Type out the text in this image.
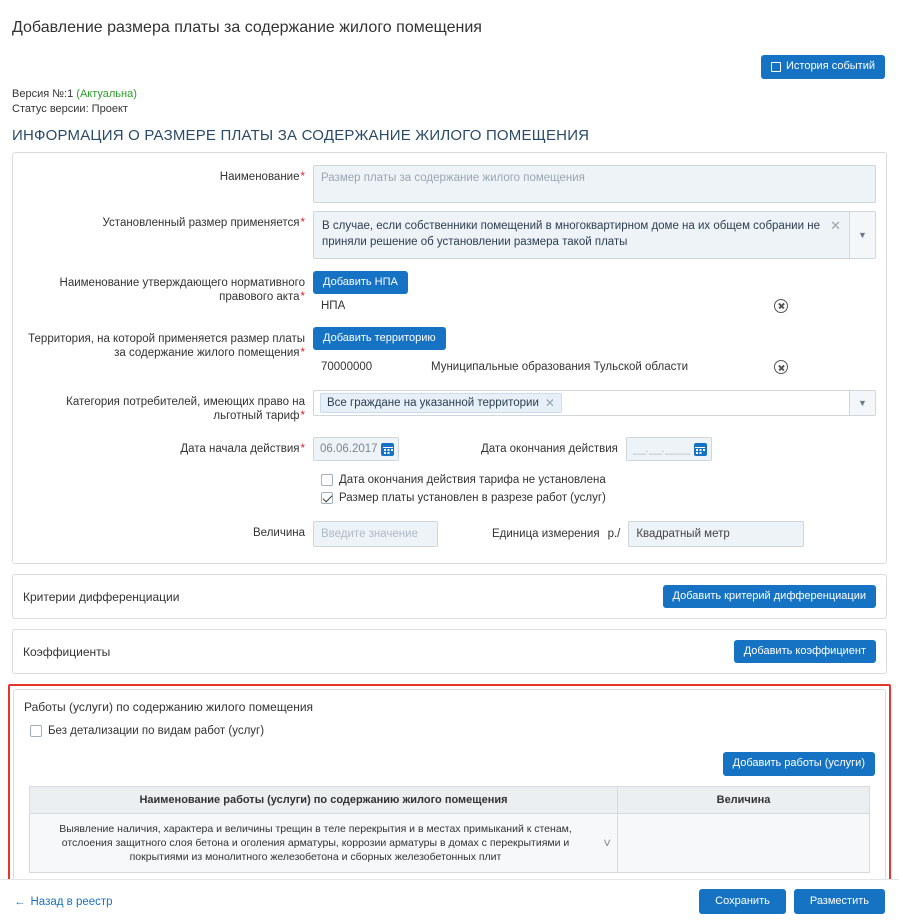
Добавление размера платы за содержание жилого помещения
История событий
Версия №:1 (Актуальна)
Статус версии: Проект
ИНФОРМАЦИЯ О РАЗМЕРЕ ПЛАТЫ ЗА СОДЕРЖАНИЕ ЖИЛОГО ПОМЕЩЕНИЯ
Наименование*	Размер платы за содержание жилого помещения
Установленный размер применяется*	В случае, если собственники помещений в многоквартирном доме на их общем собрании не приняли решение об установлении размера такой платы
✕
▼
Наименование утверждающего нормативного правового акта*
Добавить НПА
НПА
Территория, на которой применяется размер платы за содержание жилого помещения*
Добавить территорию
70000000	Муниципальные образования Тульской области
Категория потребителей, имеющих право на льготный тариф*
Все граждане на указанной территории ✕	▼
Дата начала действия*	06.06.2017	Дата окончания действия	__.__.____
Дата окончания действия тарифа не установлена
Размер платы установлен в разрезе работ (услуг)
Величина	Введите значение	Единица измерения р./	Квадратный метр
Критерии дифференциации	Добавить критерий дифференциации
Коэффициенты	Добавить коэффициент
Работы (услуги) по содержанию жилого помещения
Без детализации по видам работ (услуг)
Добавить работы (услуги)
Наименование работы (услуги) по содержанию жилого помещения	Величина
Выявление наличия, характера и величины трещин в теле перекрытия и в местах примыканий к стенам, отслоения защитного слоя бетона и оголения арматуры, коррозии арматуры в домах с перекрытиями и покрытиями из монолитного железобетона и сборных железобетонных плит
˅	

← Назад в реестр	Сохранить	Разместить
